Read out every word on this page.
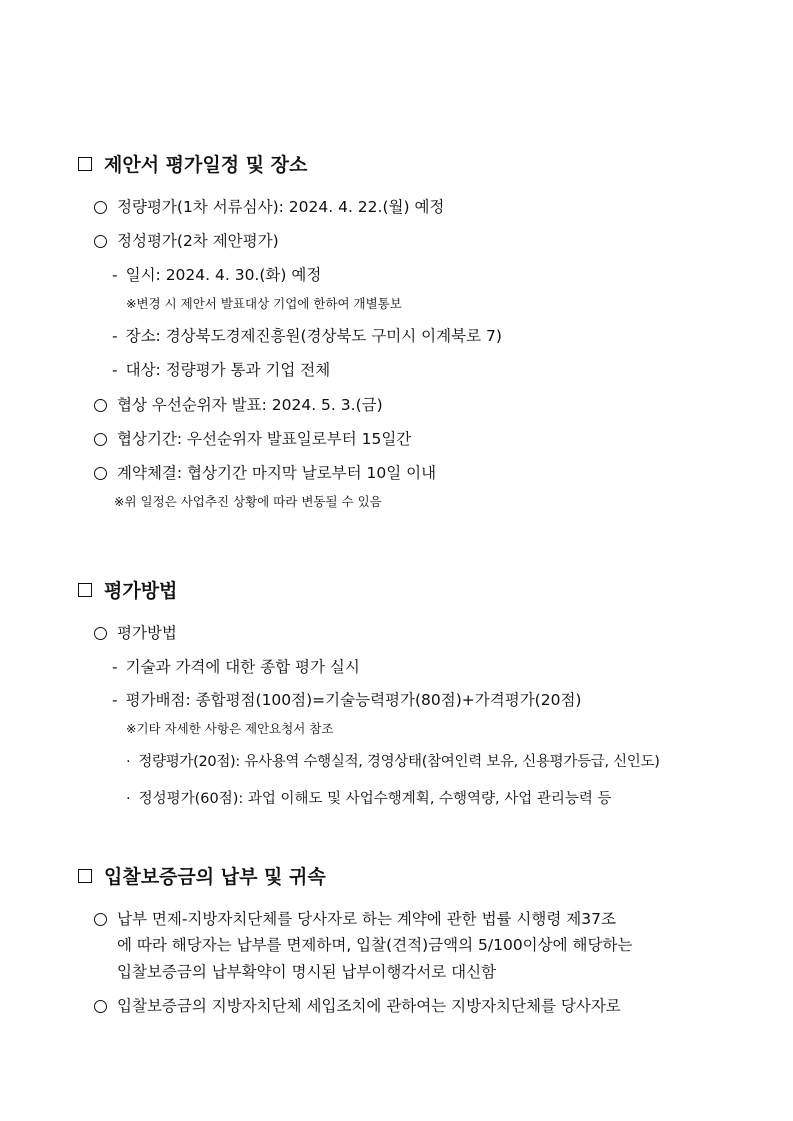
제안서 평가일정 및 장소
정량평가(1차 서류심사): 2024. 4. 22.(월) 예정
정성평가(2차 제안평가)
- 일시: 2024. 4. 30.(화) 예정
※변경 시 제안서 발표대상 기업에 한하여 개별통보
- 장소: 경상북도경제진흥원(경상북도 구미시 이계북로 7)
- 대상: 정량평가 통과 기업 전체
협상 우선순위자 발표: 2024. 5. 3.(금)
협상기간: 우선순위자 발표일로부터 15일간
계약체결: 협상기간 마지막 날로부터 10일 이내
※위 일정은 사업추진 상황에 따라 변동될 수 있음
평가방법
평가방법
- 기술과 가격에 대한 종합 평가 실시
- 평가배점: 종합평점(100점)=기술능력평가(80점)+가격평가(20점)
※기타 자세한 사항은 제안요청서 참조
· 정량평가(20점): 유사용역 수행실적, 경영상태(참여인력 보유, 신용평가등급, 신인도)
· 정성평가(60점): 과업 이해도 및 사업수행계획, 수행역량, 사업 관리능력 등
입찰보증금의 납부 및 귀속
납부 면제-지방자치단체를 당사자로 하는 계약에 관한 법률 시행령 제37조
에 따라 해당자는 납부를 면제하며, 입찰(견적)금액의 5/100이상에 해당하는
입찰보증금의 납부확약이 명시된 납부이행각서로 대신함
입찰보증금의 지방자치단체 세입조치에 관하여는 지방자치단체를 당사자로
